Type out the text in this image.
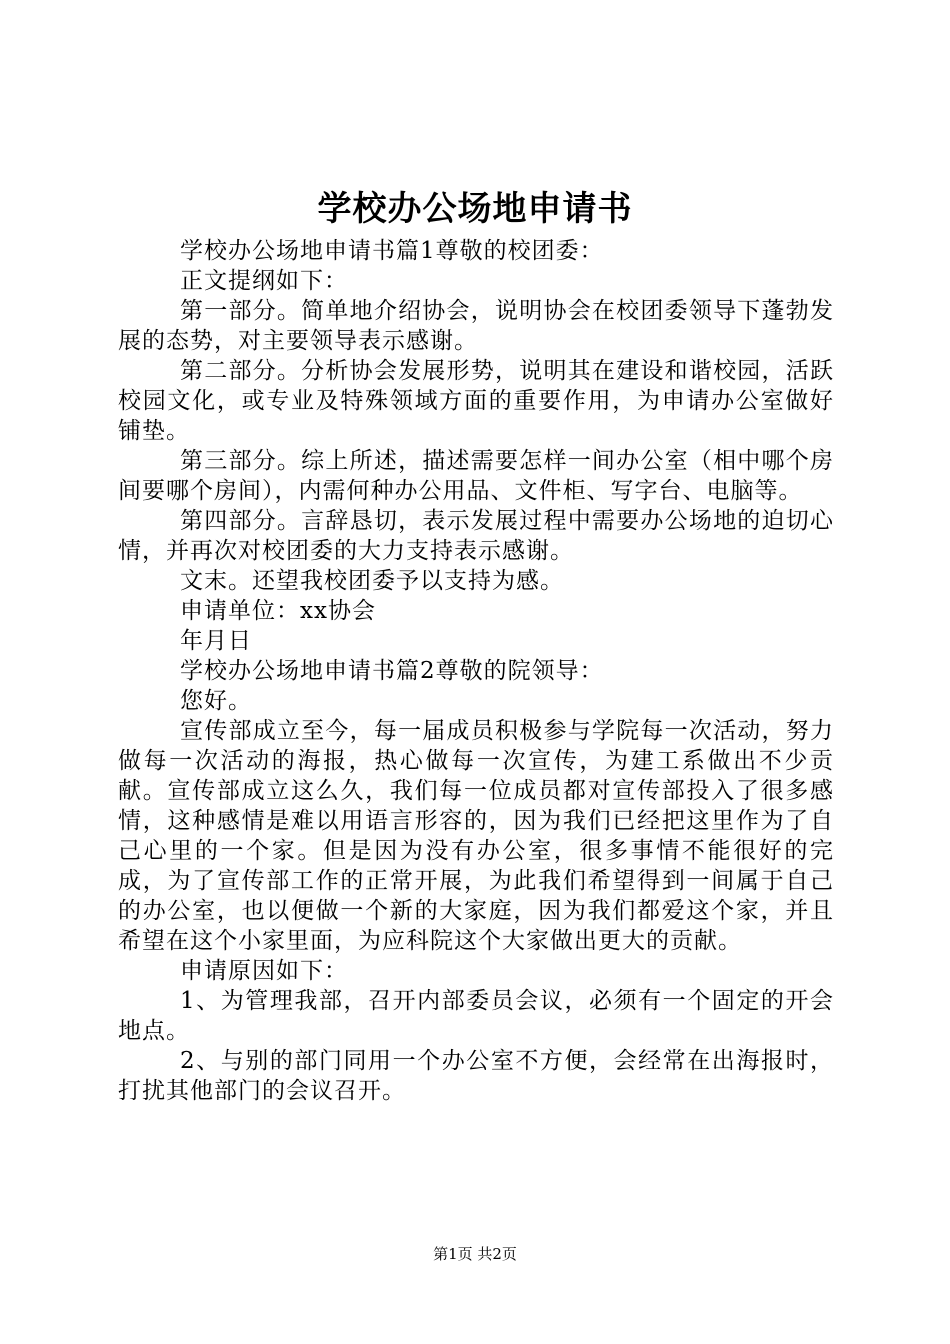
学校办公场地申请书

学校办公场地申请书篇1尊敬的校团委：

正文提纲如下：

第一部分。简单地介绍协会，说明协会在校团委领导下蓬勃发展的态势，对主要领导表示感谢。

第二部分。分析协会发展形势，说明其在建设和谐校园，活跃校园文化，或专业及特殊领域方面的重要作用，为申请办公室做好铺垫。

第三部分。综上所述，描述需要怎样一间办公室（相中哪个房间要哪个房间），内需何种办公用品、文件柜、写字台、电脑等。

第四部分。言辞恳切，表示发展过程中需要办公场地的迫切心情，并再次对校团委的大力支持表示感谢。

文末。还望我校团委予以支持为感。

申请单位：xx协会

年月日

学校办公场地申请书篇2尊敬的院领导：

您好。

宣传部成立至今，每一届成员积极参与学院每一次活动，努力做每一次活动的海报，热心做每一次宣传，为建工系做出不少贡献。宣传部成立这么久，我们每一位成员都对宣传部投入了很多感情，这种感情是难以用语言形容的，因为我们已经把这里作为了自己心里的一个家。但是因为没有办公室，很多事情不能很好的完成，为了宣传部工作的正常开展，为此我们希望得到一间属于自己的办公室，也以便做一个新的大家庭，因为我们都爱这个家，并且希望在这个小家里面，为应科院这个大家做出更大的贡献。

申请原因如下：

1、为管理我部，召开内部委员会议，必须有一个固定的开会地点。

2、与别的部门同用一个办公室不方便，会经常在出海报时，打扰其他部门的会议召开。

第1页 共2页
